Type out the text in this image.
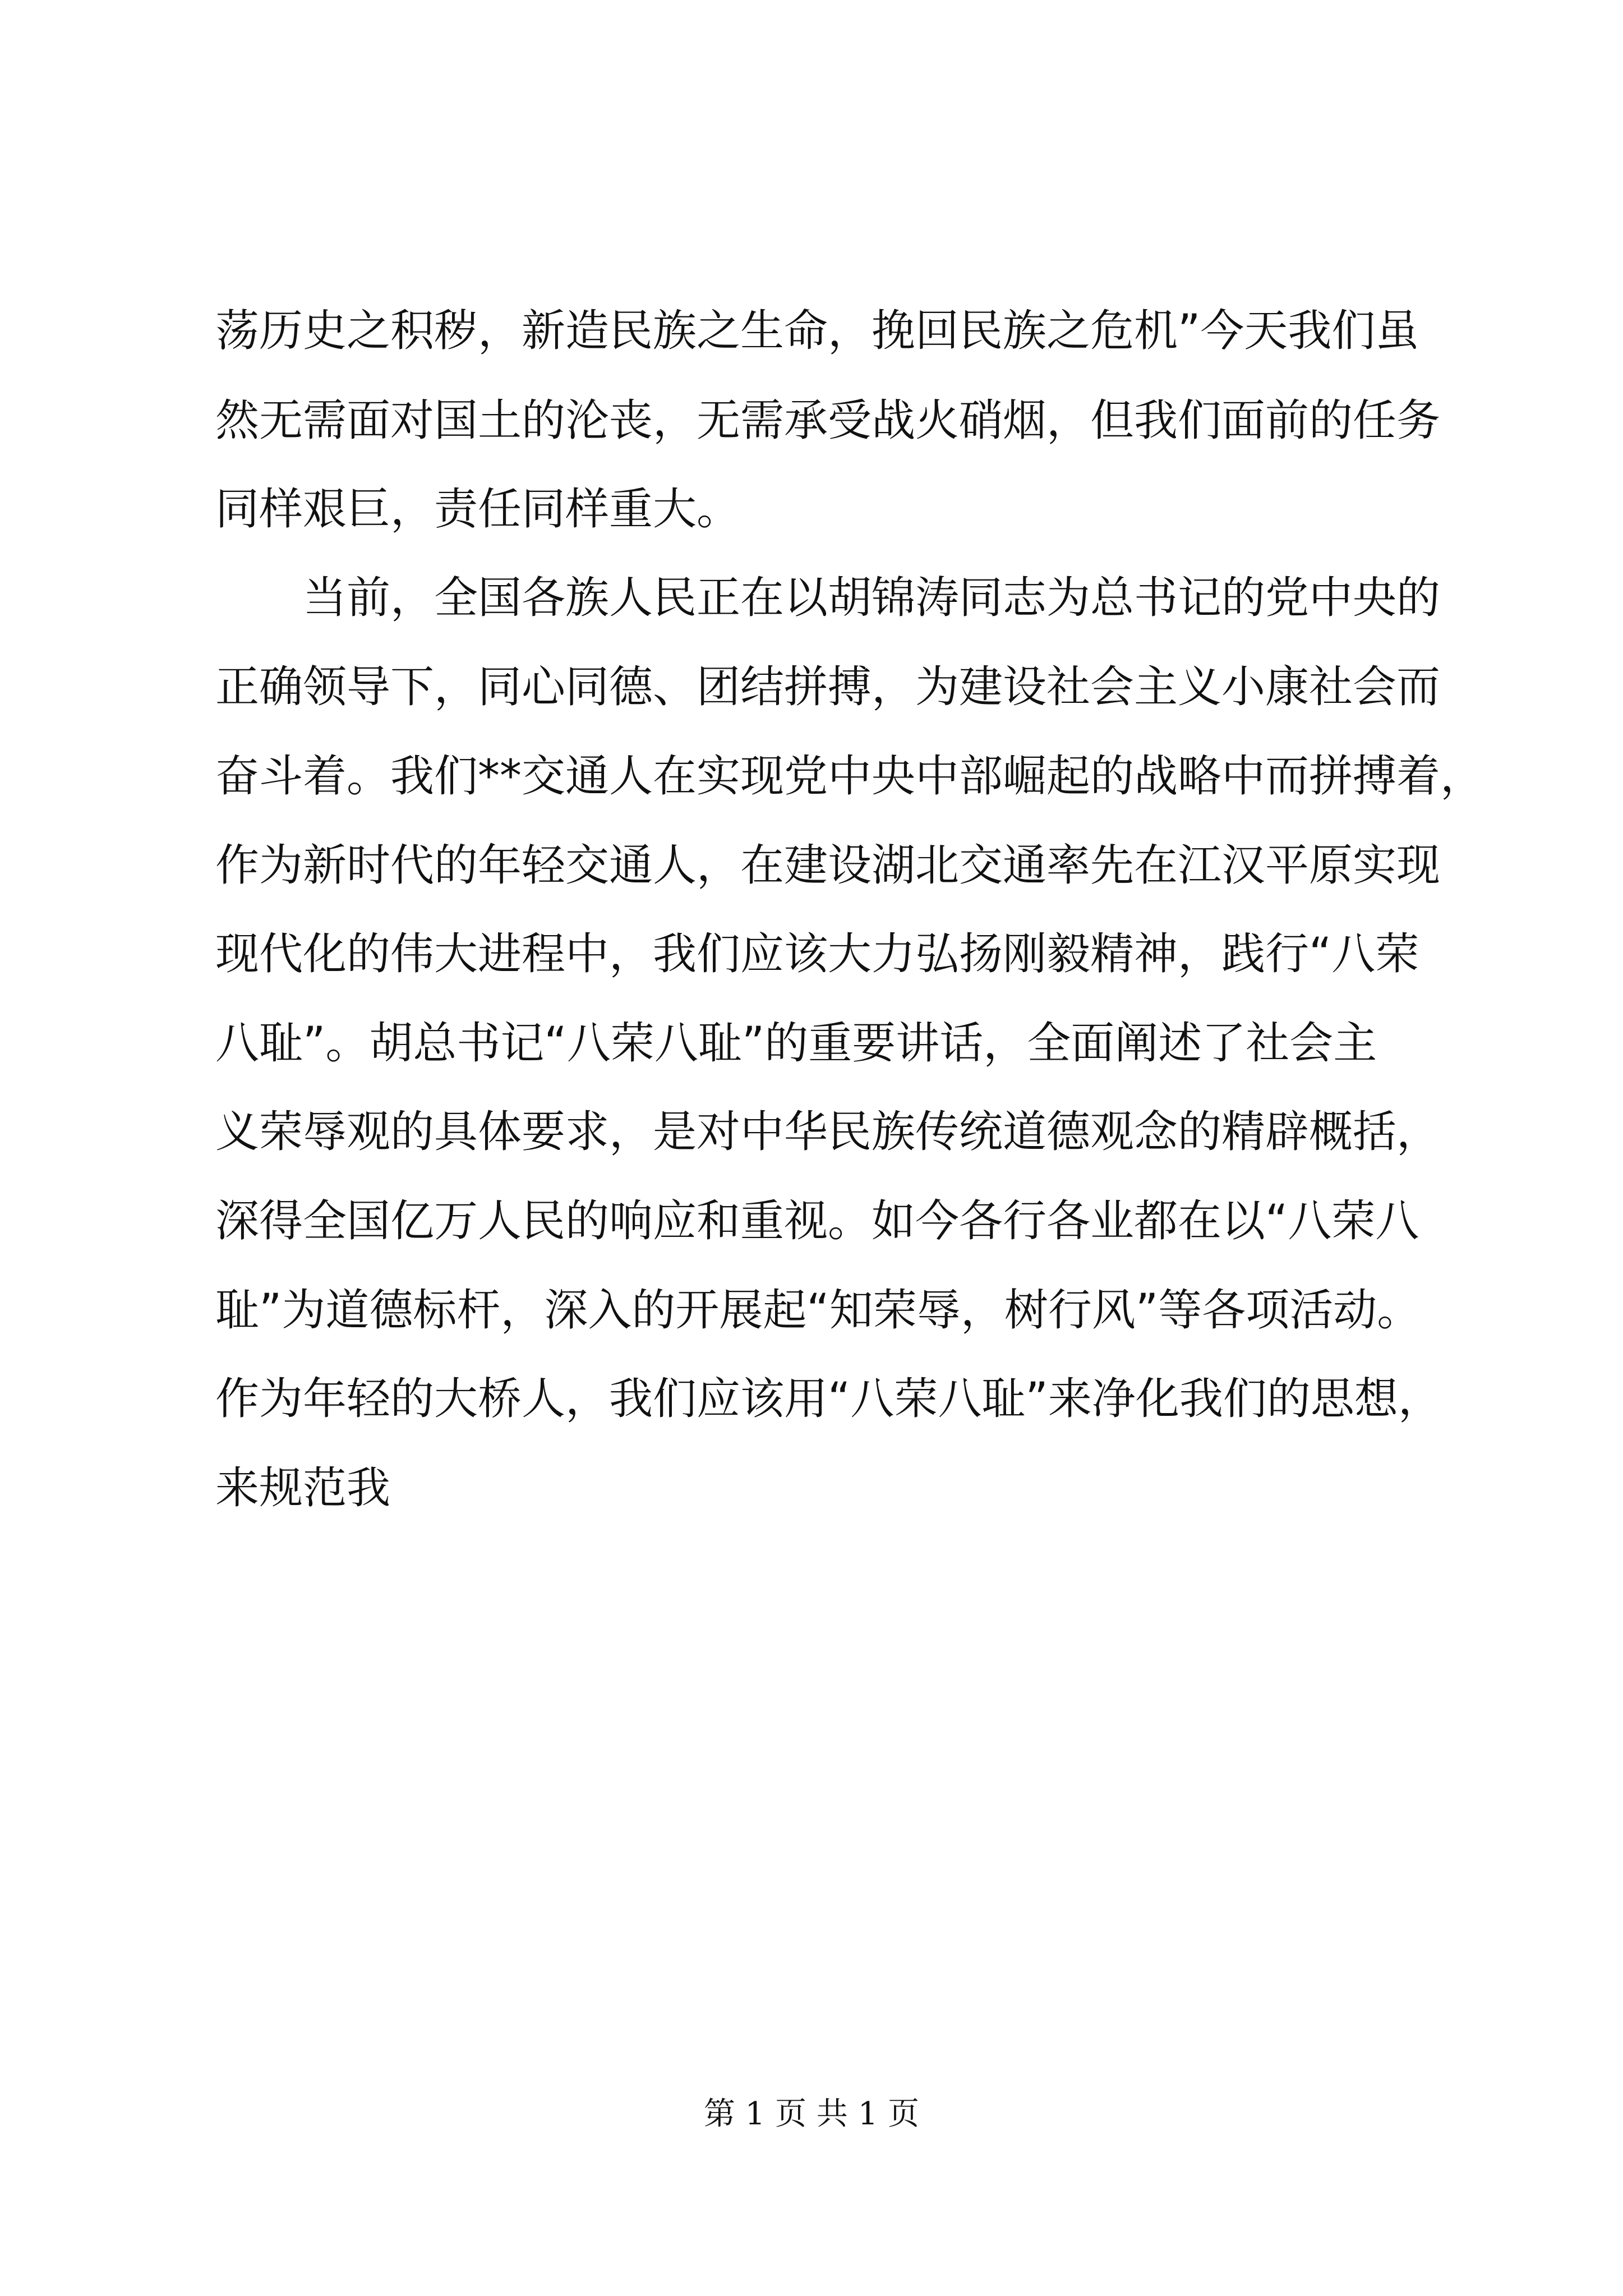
荡历史之积秽，新造民族之生命，挽回民族之危机”今天我们虽
然无需面对国土的沦丧，无需承受战火硝烟，但我们面前的任务
同样艰巨，责任同样重大。
　　当前，全国各族人民正在以胡锦涛同志为总书记的党中央的
正确领导下，同心同德、团结拼搏，为建设社会主义小康社会而
奋斗着。我们**交通人在实现党中央中部崛起的战略中而拼搏着，
作为新时代的年轻交通人，在建设湖北交通率先在江汉平原实现
现代化的伟大进程中，我们应该大力弘扬刚毅精神，践行“八荣
八耻”。胡总书记“八荣八耻”的重要讲话，全面阐述了社会主
义荣辱观的具体要求，是对中华民族传统道德观念的精辟概括，
深得全国亿万人民的响应和重视。如今各行各业都在以“八荣八
耻”为道德标杆，深入的开展起“知荣辱，树行风”等各项活动。
作为年轻的大桥人，我们应该用“八荣八耻”来净化我们的思想，
来规范我
第 1 页 共 1 页
